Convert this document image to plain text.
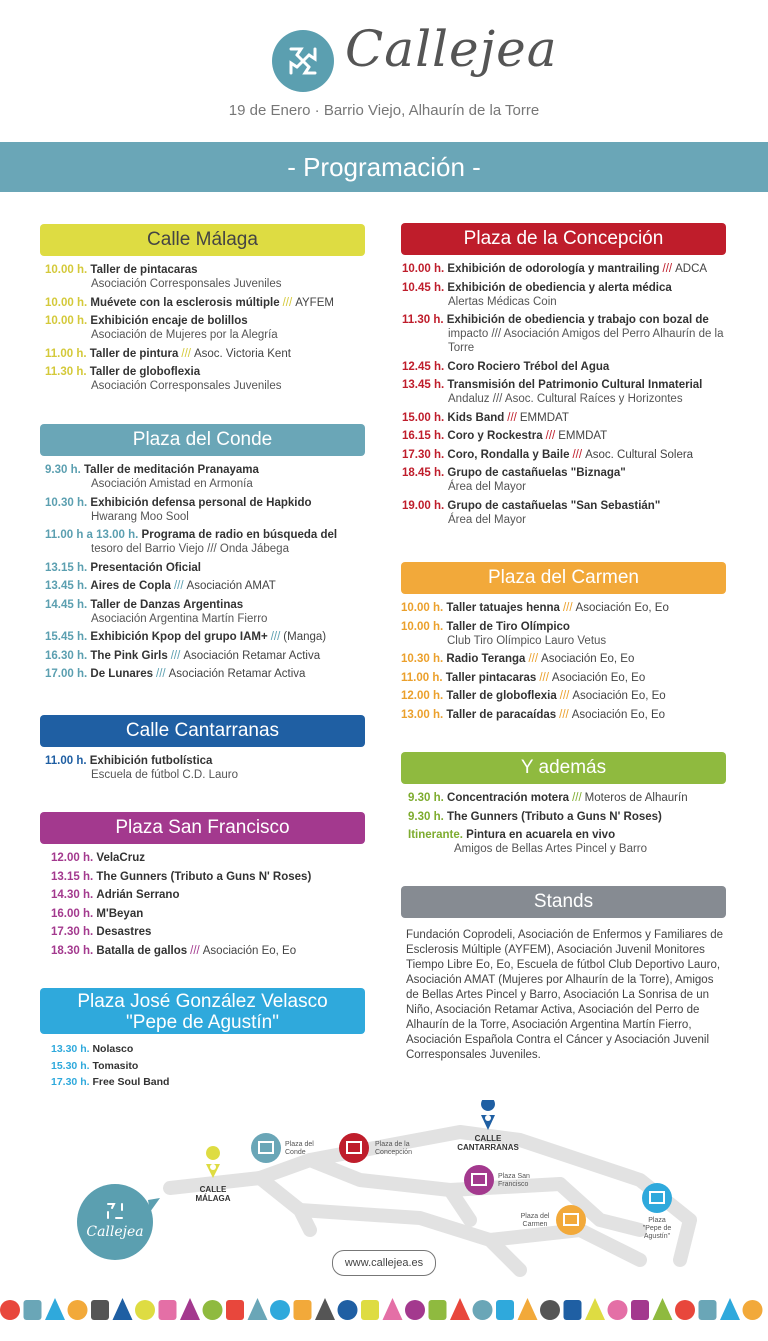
Callejea
19 de Enero · Barrio Viejo, Alhaurín de la Torre
- Programación -
Calle Málaga
10.00 h. Taller de pintacaras
Asociación Corresponsales Juveniles
10.00 h. Muévete con la esclerosis múltiple /// AYFEM
10.00 h. Exhibición encaje de bolillos
Asociación de Mujeres por la Alegría
11.00 h. Taller de pintura /// Asoc. Victoria Kent
11.30 h. Taller de globoflexia
Asociación Corresponsales Juveniles
Plaza del Conde
9.30 h. Taller de meditación Pranayama
Asociación Amistad en Armonía
10.30 h. Exhibición defensa personal de Hapkido
Hwarang Moo Sool
11.00 h a 13.00 h. Programa de radio en búsqueda del
tesoro del Barrio Viejo /// Onda Jábega
13.15 h. Presentación Oficial
13.45 h. Aires de Copla /// Asociación AMAT
14.45 h. Taller de Danzas Argentinas
Asociación Argentina Martín Fierro
15.45 h. Exhibición Kpop del grupo IAM+ /// (Manga)
16.30 h. The Pink Girls /// Asociación Retamar Activa
17.00 h. De Lunares /// Asociación Retamar Activa
Calle Cantarranas
11.00 h. Exhibición futbolística
Escuela de fútbol C.D. Lauro
Plaza San Francisco
12.00 h. VelaCruz
13.15 h. The Gunners (Tributo a Guns N' Roses)
14.30 h. Adrián Serrano
16.00 h. M'Beyan
17.30 h. Desastres
18.30 h. Batalla de gallos /// Asociación Eo, Eo
Plaza José González Velasco
"Pepe de Agustín"
13.30 h. Nolasco
15.30 h. Tomasito
17.30 h. Free Soul Band
Plaza de la Concepción
10.00 h. Exhibición de odorología y mantrailing /// ADCA
10.45 h. Exhibición de obediencia y alerta médica
Alertas Médicas Coin
11.30 h. Exhibición de obediencia y trabajo con bozal de
impacto /// Asociación Amigos del Perro Alhaurín de la Torre
12.45 h. Coro Rociero Trébol del Agua
13.45 h. Transmisión del Patrimonio Cultural Inmaterial
Andaluz /// Asoc. Cultural Raíces y Horizontes
15.00 h. Kids Band /// EMMDAT
16.15 h. Coro y Rockestra /// EMMDAT
17.30 h. Coro, Rondalla y Baile /// Asoc. Cultural Solera
18.45 h. Grupo de castañuelas "Biznaga"
Área del Mayor
19.00 h. Grupo de castañuelas "San Sebastián"
Área del Mayor
Plaza del Carmen
10.00 h. Taller tatuajes henna /// Asociación Eo, Eo
10.00 h. Taller de Tiro Olímpico
Club Tiro Olímpico Lauro Vetus
10.30 h. Radio Teranga /// Asociación Eo, Eo
11.00 h. Taller pintacaras /// Asociación Eo, Eo
12.00 h. Taller de globoflexia /// Asociación Eo, Eo
13.00 h. Taller de paracaídas /// Asociación Eo, Eo
Y además
9.30 h. Concentración motera /// Moteros de Alhaurín
9.30 h. The Gunners (Tributo a Guns N' Roses)
Itinerante. Pintura en acuarela en vivo
Amigos de Bellas Artes Pincel y Barro
Stands
Fundación Coprodeli, Asociación de Enfermos y Familiares de Esclerosis Múltiple (AYFEM), Asociación Juvenil Monitores Tiempo Libre Eo, Eo, Escuela de fútbol Club Deportivo Lauro, Asociación AMAT (Mujeres por Alhaurín de la Torre), Amigos de Bellas Artes Pincel y Barro, Asociación La Sonrisa de un Niño, Asociación Retamar Activa, Asociación del Perro de Alhaurín de la Torre, Asociación Argentina Martín Fierro, Asociación Española Contra el Cáncer y Asociación Juvenil Corresponsales Juveniles.
Callejea
CALLE MÁLAGA
CALLE CANTARRANAS
Plaza del Conde
Plaza de la Concepción
Plaza San Francisco
Plaza del Carmen
Plaza "Pepe de Agustín"
www.callejea.es
